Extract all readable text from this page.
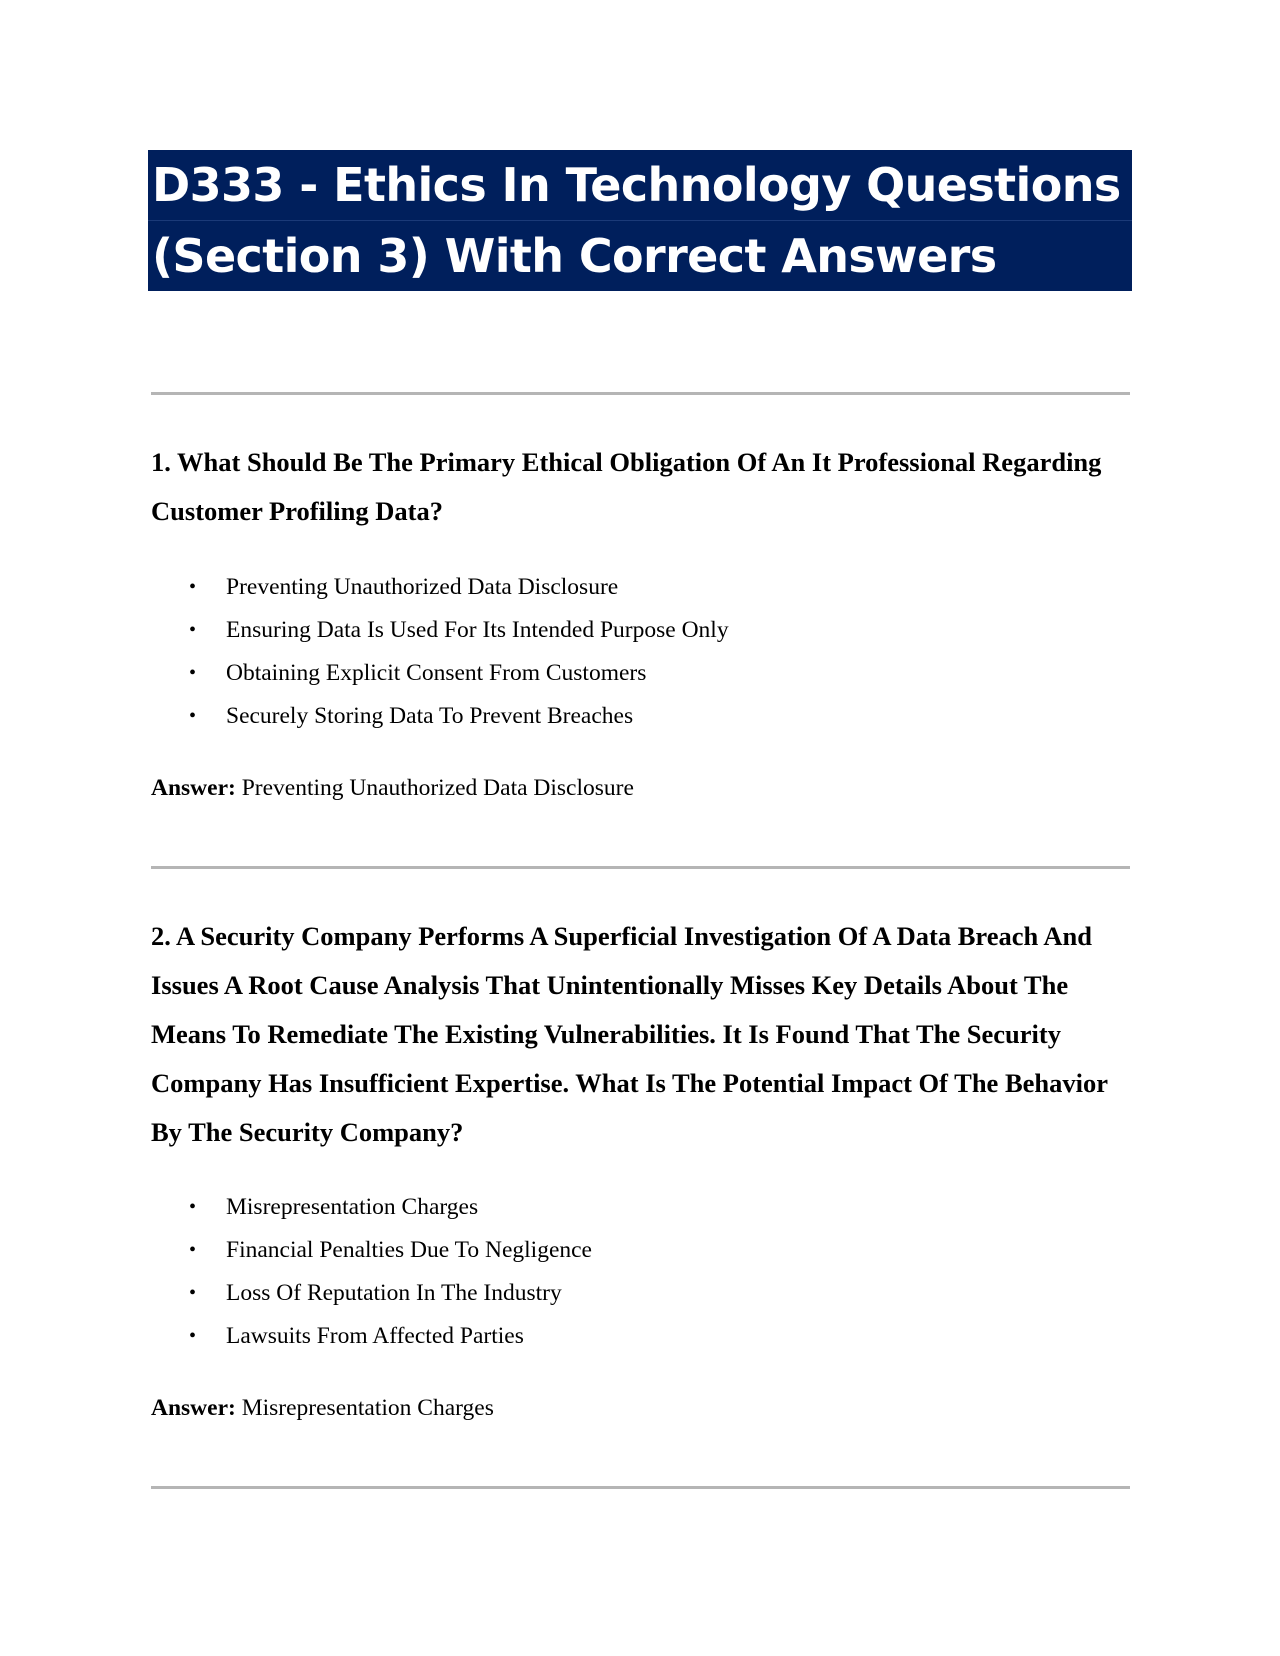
D333 - Ethics In Technology Questions
(Section 3) With Correct Answers

1. What Should Be The Primary Ethical Obligation Of An It Professional Regarding Customer Profiling Data?

• Preventing Unauthorized Data Disclosure
• Ensuring Data Is Used For Its Intended Purpose Only
• Obtaining Explicit Consent From Customers
• Securely Storing Data To Prevent Breaches

Answer: Preventing Unauthorized Data Disclosure

2. A Security Company Performs A Superficial Investigation Of A Data Breach And Issues A Root Cause Analysis That Unintentionally Misses Key Details About The Means To Remediate The Existing Vulnerabilities. It Is Found That The Security Company Has Insufficient Expertise. What Is The Potential Impact Of The Behavior By The Security Company?

• Misrepresentation Charges
• Financial Penalties Due To Negligence
• Loss Of Reputation In The Industry
• Lawsuits From Affected Parties

Answer: Misrepresentation Charges
